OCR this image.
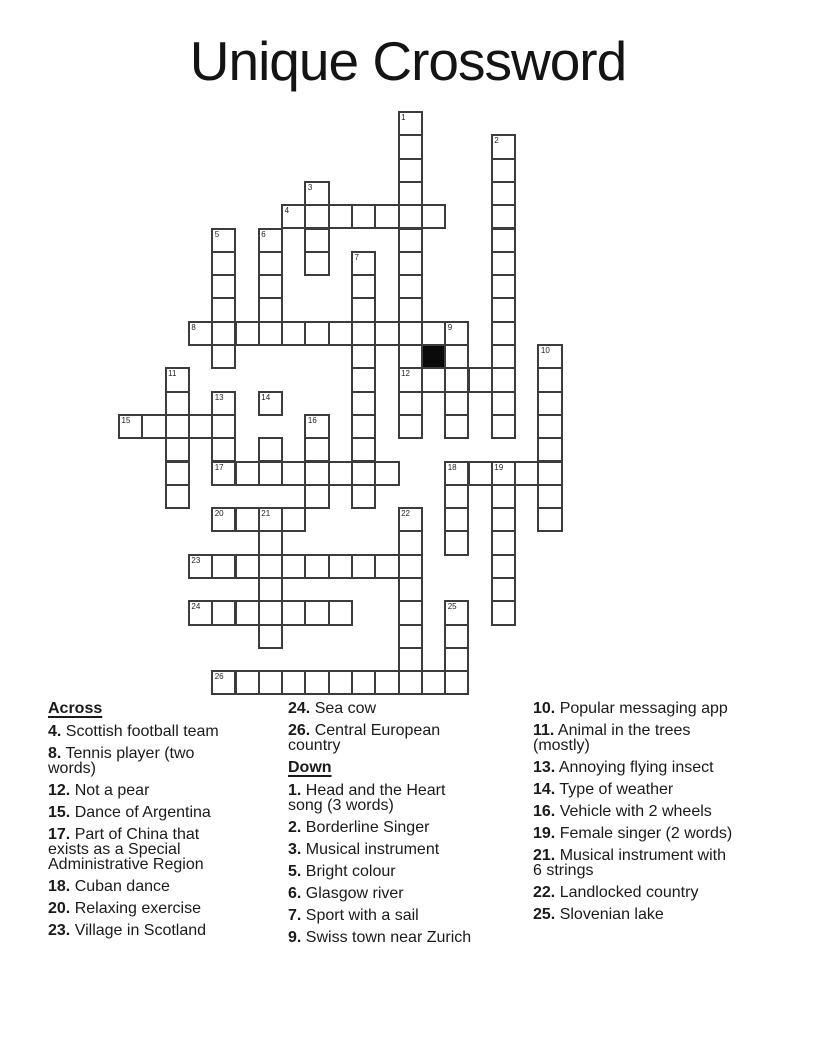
Unique Crossword
1
2
3
4
5	6
7
8	9
10
11	12
13	14
15	16
17	18	19
20	21	22
23
24	25
26
Across
4. Scottish football team
8. Tennis player (two words)
12. Not a pear
15. Dance of Argentina
17. Part of China that exists as a Special Administrative Region
18. Cuban dance
20. Relaxing exercise
23. Village in Scotland
24. Sea cow
26. Central European country
Down
1. Head and the Heart song (3 words)
2. Borderline Singer
3. Musical instrument
5. Bright colour
6. Glasgow river
7. Sport with a sail
9. Swiss town near Zurich
10. Popular messaging app
11. Animal in the trees (mostly)
13. Annoying flying insect
14. Type of weather
16. Vehicle with 2 wheels
19. Female singer (2 words)
21. Musical instrument with 6 strings
22. Landlocked country
25. Slovenian lake
